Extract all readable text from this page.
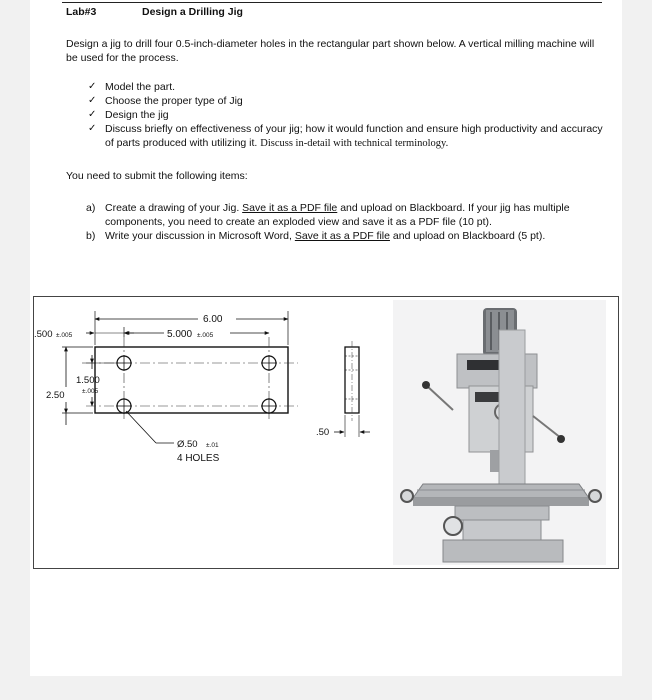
Lab#3	Design a Drilling Jig
Design a jig to drill four 0.5-inch-diameter holes in the rectangular part shown below. A vertical milling machine will be used for the process.
✓ Model the part.
✓ Choose the proper type of Jig
✓ Design the jig
✓ Discuss briefly on effectiveness of your jig; how it would function and ensure high productivity and accuracy of parts produced with utilizing it. Discuss in-detail with technical terminology.
You need to submit the following items:
a) Create a drawing of your Jig. Save it as a PDF file and upload on Blackboard. If your jig has multiple components, you need to create an exploded view and save it as a PDF file (10 pt).
b) Write your discussion in Microsoft Word, Save it as a PDF file and upload on Blackboard (5 pt).
6.00
5.000 ±.005
.500 ±.005
2.50
1.500
±.005
Ø.50 ±.01
4 HOLES
.50
